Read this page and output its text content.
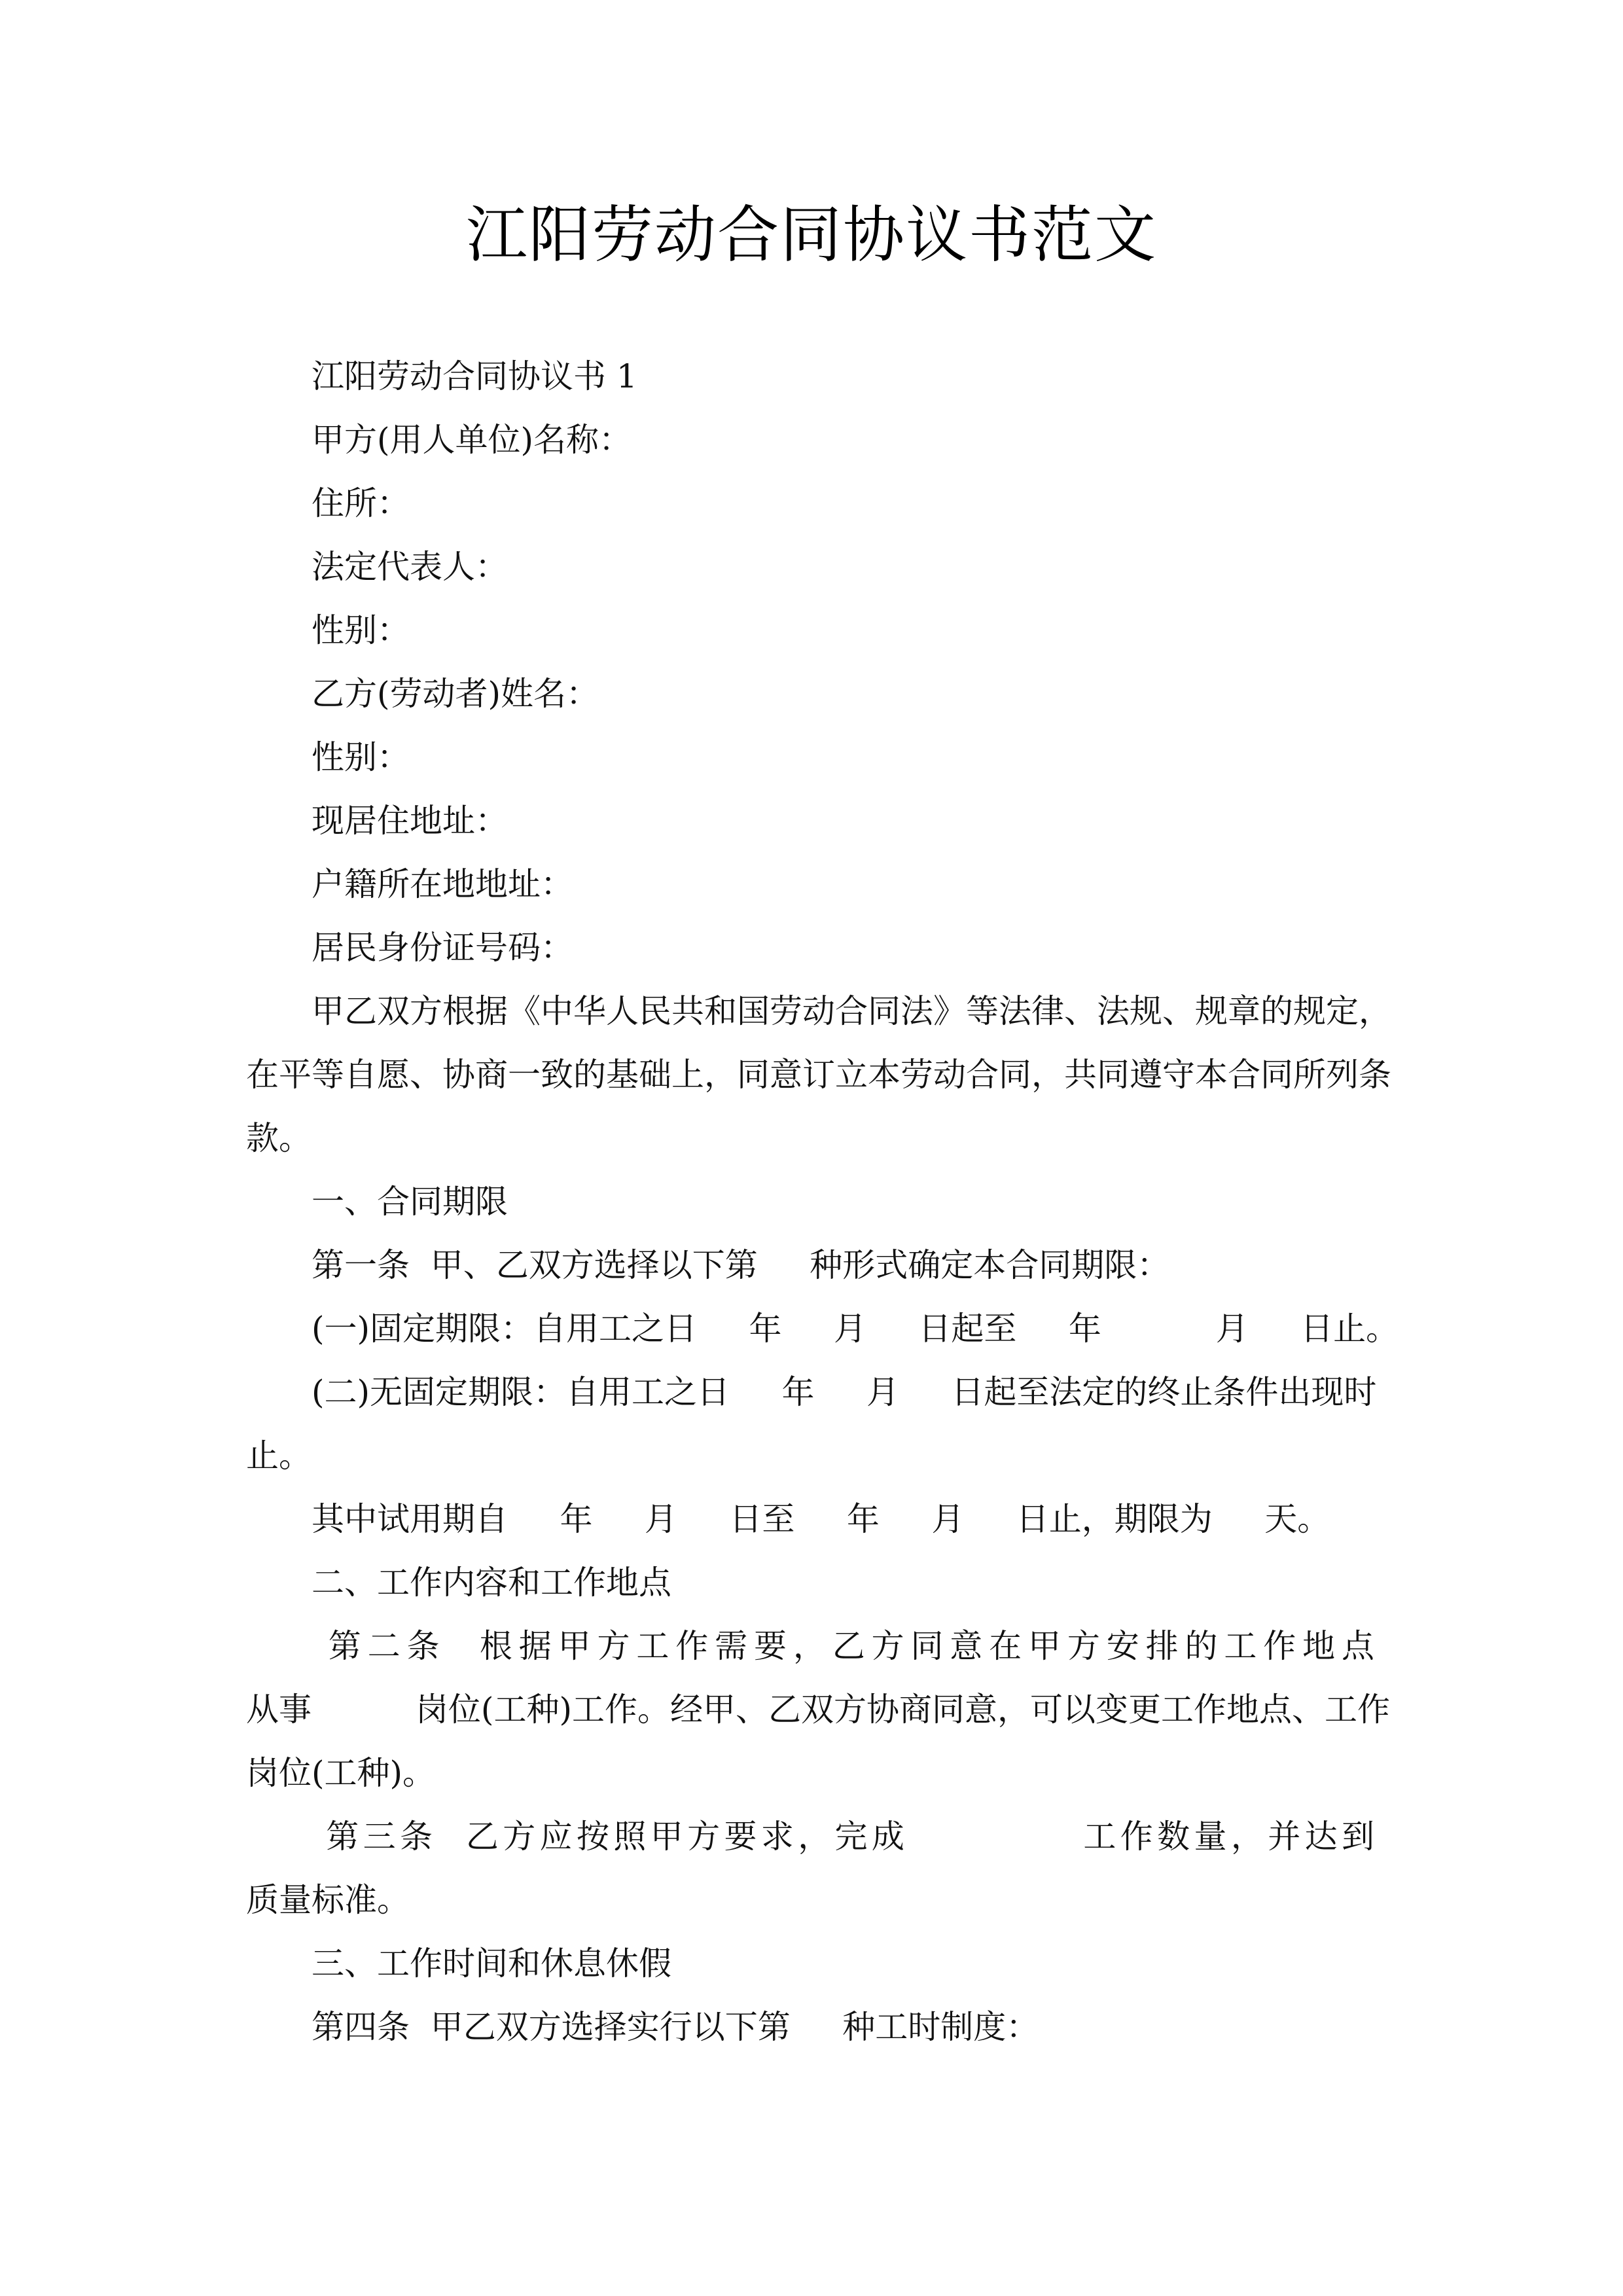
江阳劳动合同协议书范文
江阳劳动合同协议书 1
甲方(用人单位)名称：
住所：
法定代表人：
性别：
乙方(劳动者)姓名：
性别：
现居住地址：
户籍所在地地址：
居民身份证号码：
甲乙双方根据《中华人民共和国劳动合同法》等法律、法规、规章的规定，
在平等自愿、协商一致的基础上，同意订立本劳动合同，共同遵守本合同所列条
款。
一、合同期限
第一条  甲、乙双方选择以下第     种形式确定本合同期限：
(一)固定期限：自用工之日     年     月     日起至     年           月     日止。
(二)无固定期限：自用工之日     年     月     日起至法定的终止条件出现时
止。
其中试用期自     年     月     日至     年     月     日止，期限为     天。
二、工作内容和工作地点
第二条  根据甲方工作需要，乙方同意在甲方安排的工作地点
从事          岗位(工种)工作。经甲、乙双方协商同意，可以变更工作地点、工作
岗位(工种)。
第三条  乙方应按照甲方要求，完成            工作数量，并达到
质量标准。
三、工作时间和休息休假
第四条  甲乙双方选择实行以下第     种工时制度：
